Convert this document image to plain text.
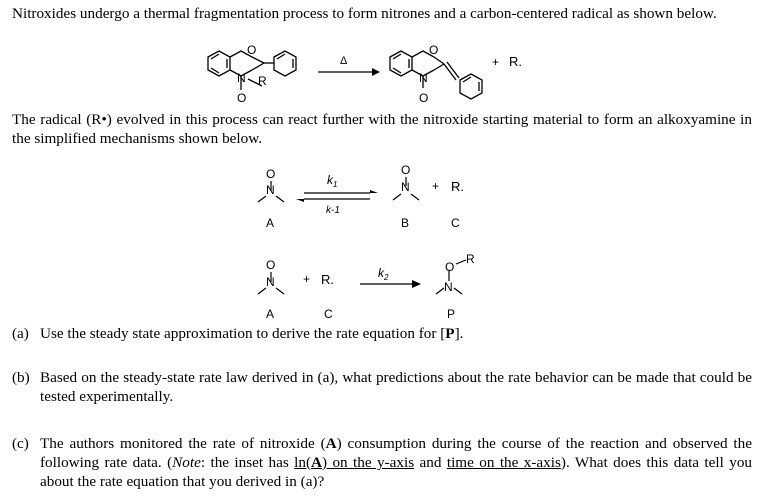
Nitroxides undergo a thermal fragmentation process to form nitrones and a carbon-centered radical as shown below.
O
N R
O
Δ
O
N
O
+ R.
The radical (R•) evolved in this process can react further with the nitroxide starting material to form an alkoxyamine in the simplified mechanisms shown below.
O
N
A
$k_1$
k-1
O
N
B
+ R.
C
O
N
A
+ R.
C
$k_2$
O
R
N
P
(a) Use the steady state approximation to derive the rate equation for [P].
(b) Based on the steady-state rate law derived in (a), what predictions about the rate behavior can be made that could be tested experimentally.
(c) The authors monitored the rate of nitroxide (A) consumption during the course of the reaction and observed the following rate data. (Note: the inset has ln(A) on the y-axis and time on the x-axis). What does this data tell you about the rate equation that you derived in (a)?
